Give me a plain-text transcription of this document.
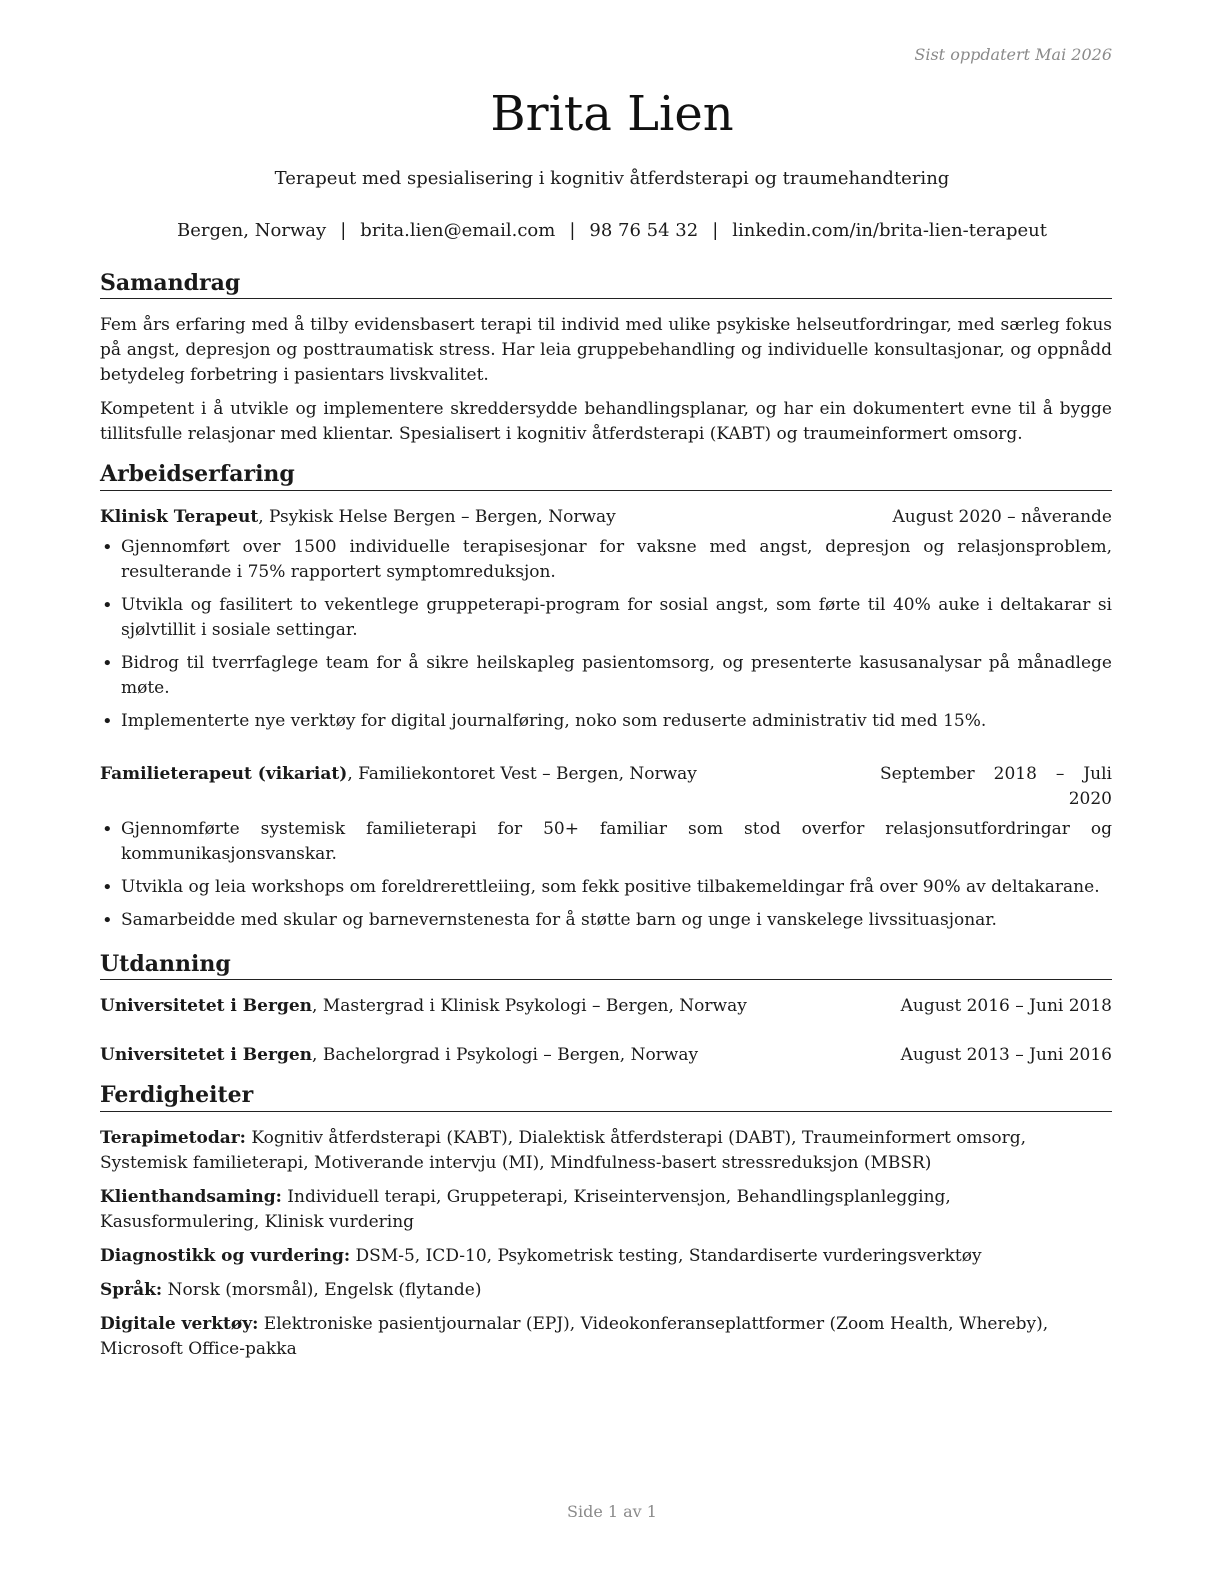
Sist oppdatert Mai 2026
Brita Lien
Terapeut med spesialisering i kognitiv åtferdsterapi og traumehandtering
Bergen, Norway | brita.lien@email.com | 98 76 54 32 | linkedin.com/in/brita-lien-terapeut
Samandrag

Fem års erfaring med å tilby evidensbasert terapi til individ med ulike psykiske helseutfordringar, med særleg fokus på angst, depresjon og posttraumatisk stress. Har leia gruppebehandling og individuelle konsultasjonar, og oppnådd betydeleg forbetring i pasientars livskvalitet.

Kompetent i å utvikle og implementere skreddersydde behandlingsplanar, og har ein dokumentert evne til å bygge tillitsfulle relasjonar med klientar. Spesialisert i kognitiv åtferdsterapi (KABT) og traumeinformert omsorg.

Arbeidserfaring
Klinisk Terapeut, Psykisk Helse Bergen – Bergen, Norway	August 2020 – nåverande
• Gjennomført over 1500 individuelle terapisesjonar for vaksne med angst, depresjon og relasjonsproblem, resulterande i 75% rapportert symptomreduksjon.
• Utvikla og fasilitert to vekentlege gruppeterapi-program for sosial angst, som førte til 40% auke i deltakarar si sjølvtillit i sosiale settingar.
• Bidrog til tverrfaglege team for å sikre heilskapleg pasientomsorg, og presenterte kasusanalysar på månadlege møte.
• Implementerte nye verktøy for digital journalføring, noko som reduserte administrativ tid med 15%.
Familieterapeut (vikariat), Familiekontoret Vest – Bergen, Norway	September 2018 – Juli 2020
• Gjennomførte systemisk familieterapi for 50+ familiar som stod overfor relasjonsutfordringar og kommunikasjonsvanskar.
• Utvikla og leia workshops om foreldrerettleiing, som fekk positive tilbakemeldingar frå over 90% av deltakarane.
• Samarbeidde med skular og barnevernstenesta for å støtte barn og unge i vanskelege livssituasjonar.
Utdanning
Universitetet i Bergen, Mastergrad i Klinisk Psykologi – Bergen, Norway	August 2016 – Juni 2018
Universitetet i Bergen, Bachelorgrad i Psykologi – Bergen, Norway	August 2013 – Juni 2016
Ferdigheiter
Terapimetodar: Kognitiv åtferdsterapi (KABT), Dialektisk åtferdsterapi (DABT), Traumeinformert omsorg, Systemisk familieterapi, Motiverande intervju (MI), Mindfulness-basert stressreduksjon (MBSR)
Klienthandsaming: Individuell terapi, Gruppeterapi, Kriseintervensjon, Behandlingsplanlegging, Kasusformulering, Klinisk vurdering
Diagnostikk og vurdering: DSM-5, ICD-10, Psykometrisk testing, Standardiserte vurderingsverktøy
Språk: Norsk (morsmål), Engelsk (flytande)
Digitale verktøy: Elektroniske pasientjournalar (EPJ), Videokonferanseplattformer (Zoom Health, Whereby), Microsoft Office-pakka
Side 1 av 1
